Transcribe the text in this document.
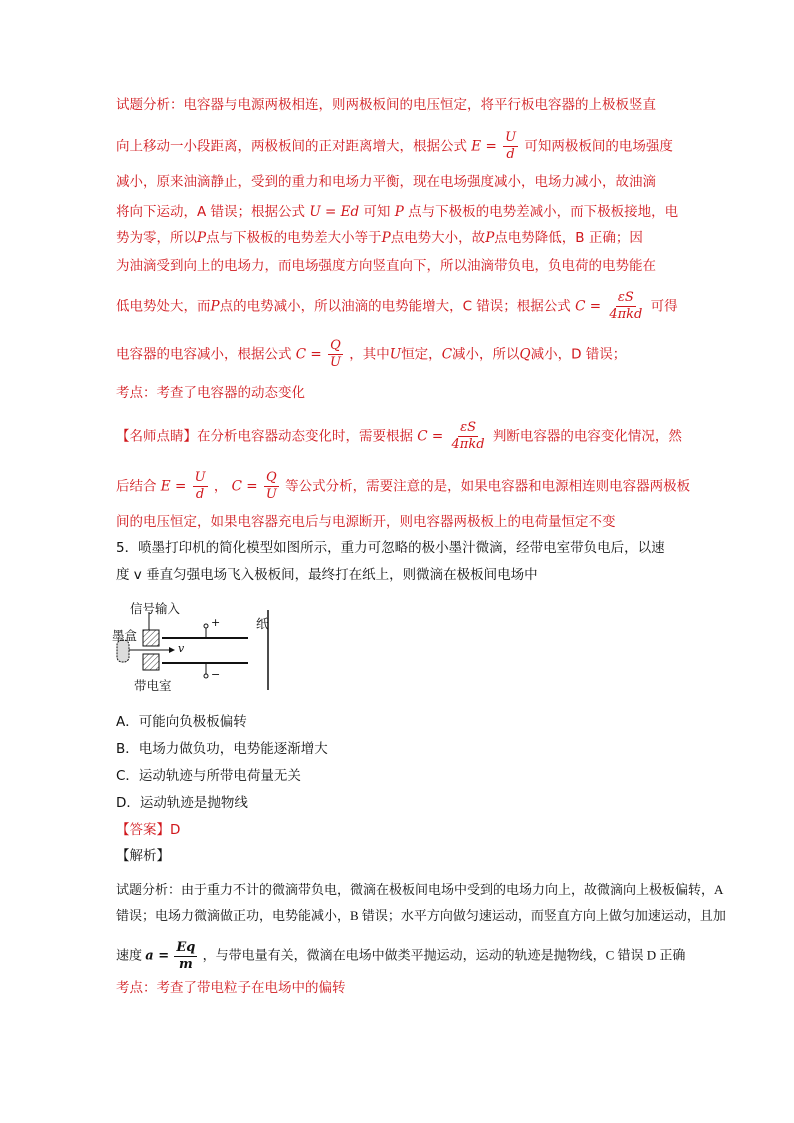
试题分析：电容器与电源两极相连，则两极板间的电压恒定，将平行板电容器的上极板竖直
向上移动一小段距离，两极板间的正对距离增大，根据公式 $E = \frac{U}{d}$ 可知两极板间的电场强度
减小，原来油滴静止，受到的重力和电场力平衡，现在电场强度减小，电场力减小，故油滴
将向下运动，A 错误；根据公式 U = Ed 可知 P 点与下极板的电势差减小，而下极板接地，电
势为零，所以P点与下极板的电势差大小等于P点电势大小，故P点电势降低，B 正确；因
为油滴受到向上的电场力，而电场强度方向竖直向下，所以油滴带负电，负电荷的电势能在
低电势处大，而P点的电势减小，所以油滴的电势能增大，C 错误；根据公式 $C = \frac{\varepsilon S}{\text{4πkd}}$ 可得
电容器的电容减小，根据公式 $C = \frac{Q}{U}$ ，其中U恒定，C减小，所以Q减小，D 错误；
考点：考查了电容器的动态变化
【名师点睛】在分析电容器动态变化时，需要根据 $C = \frac{\varepsilon S}{\text{4πkd}}$ 判断电容器的电容变化情况，然
后结合 $E = \frac{U}{d}$ ， $C = \frac{Q}{U}$ 等公式分析，需要注意的是，如果电容器和电源相连则电容器两极板
间的电压恒定，如果电容器充电后与电源断开，则电容器两极板上的电荷量恒定不变
5．喷墨打印机的简化模型如图所示，重力可忽略的极小墨汁微滴，经带电室带负电后，以速
度 v 垂直匀强电场飞入极板间，最终打在纸上，则微滴在极板间电场中
信号输入
墨盒
带电室
纸
+
−
v
A．可能向负极板偏转
B．电场力做负功，电势能逐渐增大
C．运动轨迹与所带电荷量无关
D．运动轨迹是抛物线
【答案】D
【解析】
试题分析：由于重力不计的微滴带负电，微滴在极板间电场中受到的电场力向上，故微滴向上极板偏转，A
错误；电场力微滴做正功，电势能减小，B 错误；水平方向做匀速运动，而竖直方向上做匀加速运动，且加
速度 $a = \frac{Eq}{m}$ ，与带电量有关，微滴在电场中做类平抛运动，运动的轨迹是抛物线，C 错误 D 正确
考点：考查了带电粒子在电场中的偏转
